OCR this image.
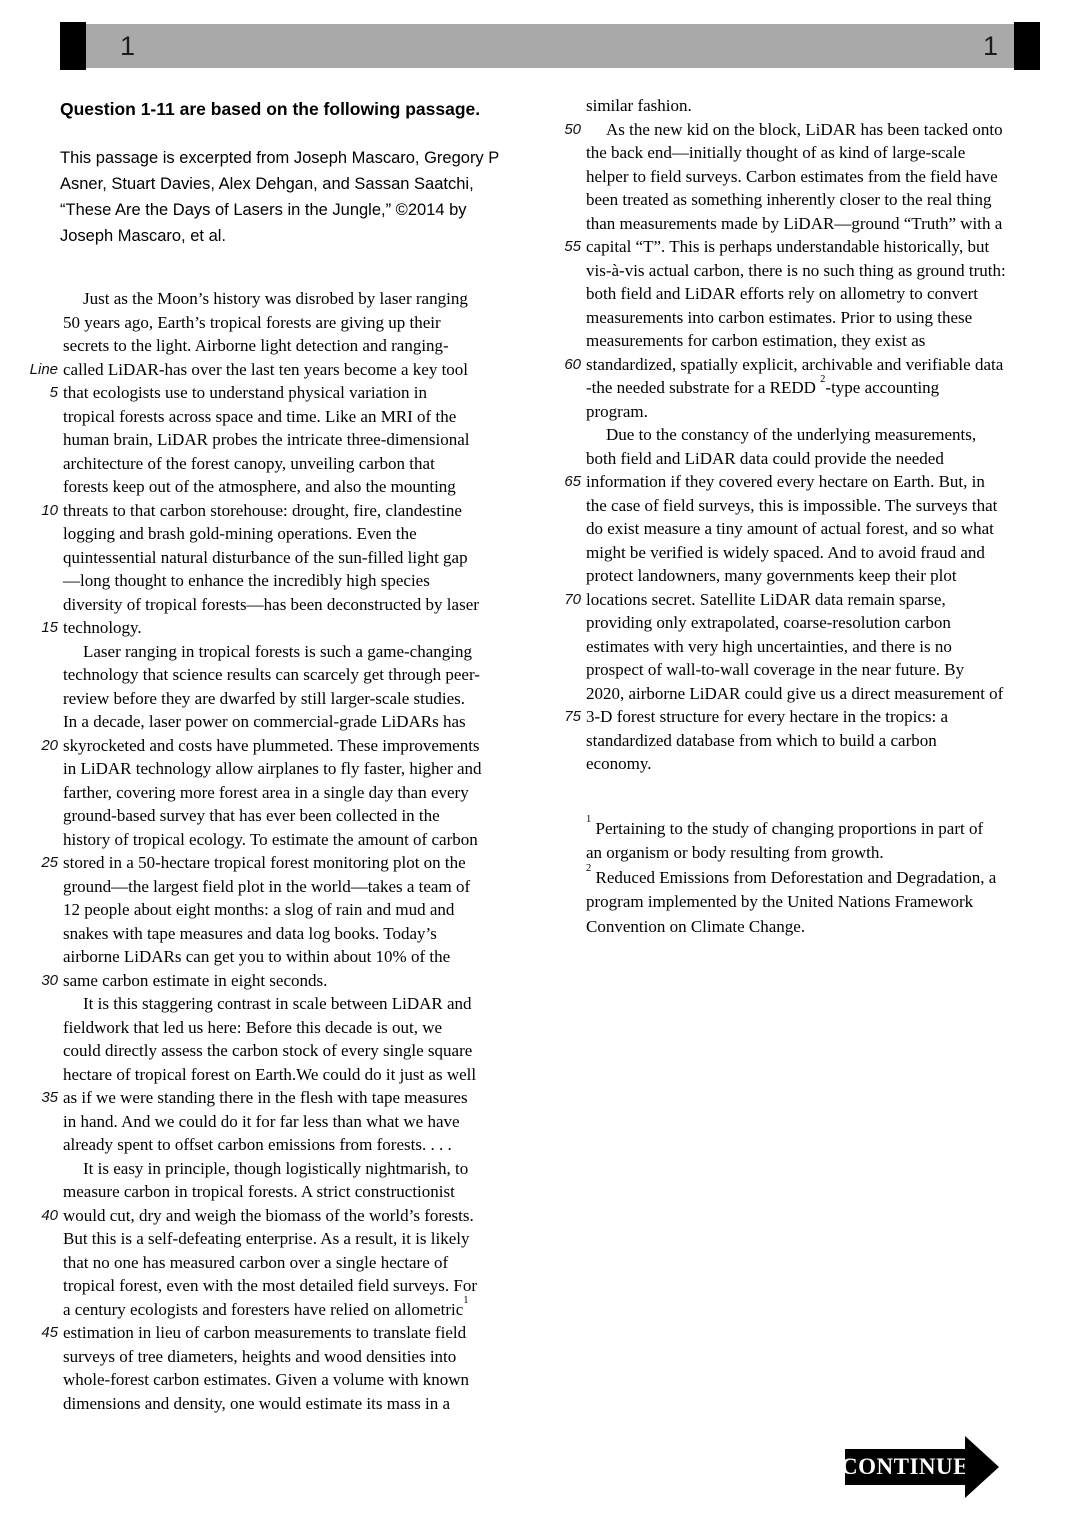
1	1
Question 1-11 are based on the following passage.
This passage is excerpted from Joseph Mascaro, Gregory P
Asner, Stuart Davies, Alex Dehgan, and Sassan Saatchi,
“These Are the Days of Lasers in the Jungle,” ©2014 by
Joseph Mascaro, et al.
Just as the Moon’s history was disrobed by laser ranging
50 years ago, Earth’s tropical forests are giving up their
secrets to the light. Airborne light detection and ranging-
Line called LiDAR-has over the last ten years become a key tool
5 that ecologists use to understand physical variation in
tropical forests across space and time. Like an MRI of the
human brain, LiDAR probes the intricate three-dimensional
architecture of the forest canopy, unveiling carbon that
forests keep out of the atmosphere, and also the mounting
10 threats to that carbon storehouse: drought, fire, clandestine
logging and brash gold-mining operations. Even the
quintessential natural disturbance of the sun-filled light gap
—long thought to enhance the incredibly high species
diversity of tropical forests—has been deconstructed by laser
15 technology.
Laser ranging in tropical forests is such a game-changing
technology that science results can scarcely get through peer-
review before they are dwarfed by still larger-scale studies.
In a decade, laser power on commercial-grade LiDARs has
20 skyrocketed and costs have plummeted. These improvements
in LiDAR technology allow airplanes to fly faster, higher and
farther, covering more forest area in a single day than every
ground-based survey that has ever been collected in the
history of tropical ecology. To estimate the amount of carbon
25 stored in a 50-hectare tropical forest monitoring plot on the
ground—the largest field plot in the world—takes a team of
12 people about eight months: a slog of rain and mud and
snakes with tape measures and data log books. Today’s
airborne LiDARs can get you to within about 10% of the
30 same carbon estimate in eight seconds.
It is this staggering contrast in scale between LiDAR and
fieldwork that led us here: Before this decade is out, we
could directly assess the carbon stock of every single square
hectare of tropical forest on Earth.We could do it just as well
35 as if we were standing there in the flesh with tape measures
in hand. And we could do it for far less than what we have
already spent to offset carbon emissions from forests. . . .
It is easy in principle, though logistically nightmarish, to
measure carbon in tropical forests. A strict constructionist
40 would cut, dry and weigh the biomass of the world’s forests.
But this is a self-defeating enterprise. As a result, it is likely
that no one has measured carbon over a single hectare of
tropical forest, even with the most detailed field surveys. For
a century ecologists and foresters have relied on allometric$^1$
45 estimation in lieu of carbon measurements to translate field
surveys of tree diameters, heights and wood densities into
whole-forest carbon estimates. Given a volume with known
dimensions and density, one would estimate its mass in a
similar fashion.
50	As the new kid on the block, LiDAR has been tacked onto
the back end—initially thought of as kind of large-scale
helper to field surveys. Carbon estimates from the field have
been treated as something inherently closer to the real thing
than measurements made by LiDAR—ground “Truth” with a
55 capital “T”. This is perhaps understandable historically, but
vis-à-vis actual carbon, there is no such thing as ground truth:
both field and LiDAR efforts rely on allometry to convert
measurements into carbon estimates. Prior to using these
measurements for carbon estimation, they exist as
60 standardized, spatially explicit, archivable and verifiable data
-the needed substrate for a REDD $^2$-type accounting
program.
Due to the constancy of the underlying measurements,
both field and LiDAR data could provide the needed
65 information if they covered every hectare on Earth. But, in
the case of field surveys, this is impossible. The surveys that
do exist measure a tiny amount of actual forest, and so what
might be verified is widely spaced. And to avoid fraud and
protect landowners, many governments keep their plot
70 locations secret. Satellite LiDAR data remain sparse,
providing only extrapolated, coarse-resolution carbon
estimates with very high uncertainties, and there is no
prospect of wall-to-wall coverage in the near future. By
2020, airborne LiDAR could give us a direct measurement of
75 3-D forest structure for every hectare in the tropics: a
standardized database from which to build a carbon
economy.
$^1$ Pertaining to the study of changing proportions in part of
an organism or body resulting from growth.
$^2$ Reduced Emissions from Deforestation and Degradation, a
program implemented by the United Nations Framework
Convention on Climate Change.
CONTINUE
